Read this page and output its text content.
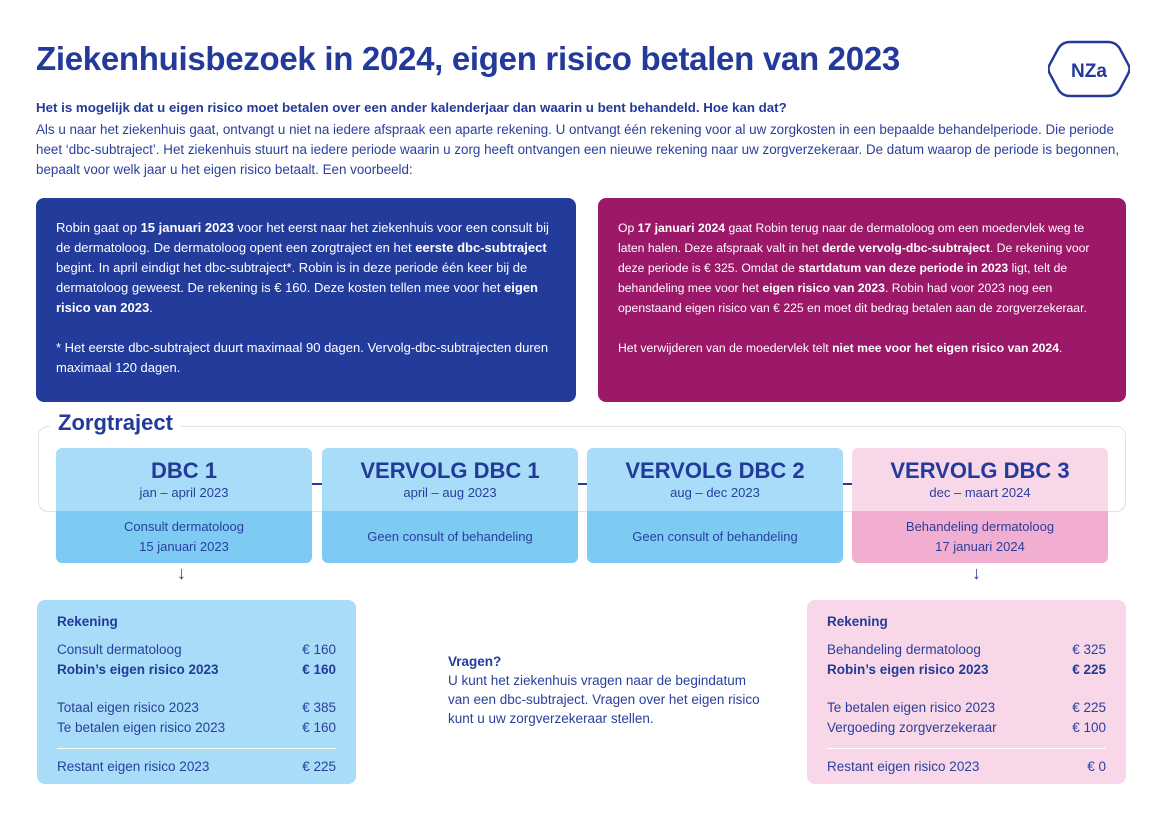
Ziekenhuisbezoek in 2024, eigen risico betalen van 2023	NZa
Het is mogelijk dat u eigen risico moet betalen over een ander kalenderjaar dan waarin u bent behandeld. Hoe kan dat?
Als u naar het ziekenhuis gaat, ontvangt u niet na iedere afspraak een aparte rekening. U ontvangt één rekening voor al uw zorgkosten in een bepaalde behandelperiode. Die periode heet ‘dbc-subtraject’. Het ziekenhuis stuurt na iedere periode waarin u zorg heeft ontvangen een nieuwe rekening naar uw zorgverzekeraar. De datum waarop de periode is begonnen, bepaalt voor welk jaar u het eigen risico betaalt. Een voorbeeld:

Robin gaat op 15 januari 2023 voor het eerst naar het ziekenhuis voor een consult bij de dermatoloog. De dermatoloog opent een zorgtraject en het eerste dbc-subtraject begint. In april eindigt het dbc-subtraject*. Robin is in deze periode één keer bij de dermatoloog geweest. De rekening is € 160. Deze kosten tellen mee voor het eigen risico van 2023.

* Het eerste dbc-subtraject duurt maximaal 90 dagen. Vervolg-dbc-subtrajecten duren maximaal 120 dagen.

Op 17 januari 2024 gaat Robin terug naar de dermatoloog om een moedervlek weg te laten halen. Deze afspraak valt in het derde vervolg-dbc-subtraject. De rekening voor deze periode is € 325. Omdat de startdatum van deze periode in 2023 ligt, telt de behandeling mee voor het eigen risico van 2023. Robin had voor 2023 nog een openstaand eigen risico van € 225 en moet dit bedrag betalen aan de zorgverzekeraar.

Het verwijderen van de moedervlek telt niet mee voor het eigen risico van 2024.

Zorgtraject
DBC 1
jan – april 2023
Consult dermatoloog
15 januari 2023
VERVOLG DBC 1
april – aug 2023
Geen consult of behandeling
VERVOLG DBC 2
aug – dec 2023
Geen consult of behandeling
VERVOLG DBC 3
dec – maart 2024
Behandeling dermatoloog
17 januari 2024
↓	↓
Rekening
Consult dermatoloog	€ 160
Robin’s eigen risico 2023	€ 160
Totaal eigen risico 2023	€ 385
Te betalen eigen risico 2023	€ 160
Restant eigen risico 2023	€ 225
Vragen?
U kunt het ziekenhuis vragen naar de begindatum van een dbc-subtraject. Vragen over het eigen risico kunt u uw zorgverzekeraar stellen.
Rekening
Behandeling dermatoloog	€ 325
Robin’s eigen risico 2023	€ 225
Te betalen eigen risico 2023	€ 225
Vergoeding zorgverzekeraar	€ 100
Restant eigen risico 2023	€ 0
